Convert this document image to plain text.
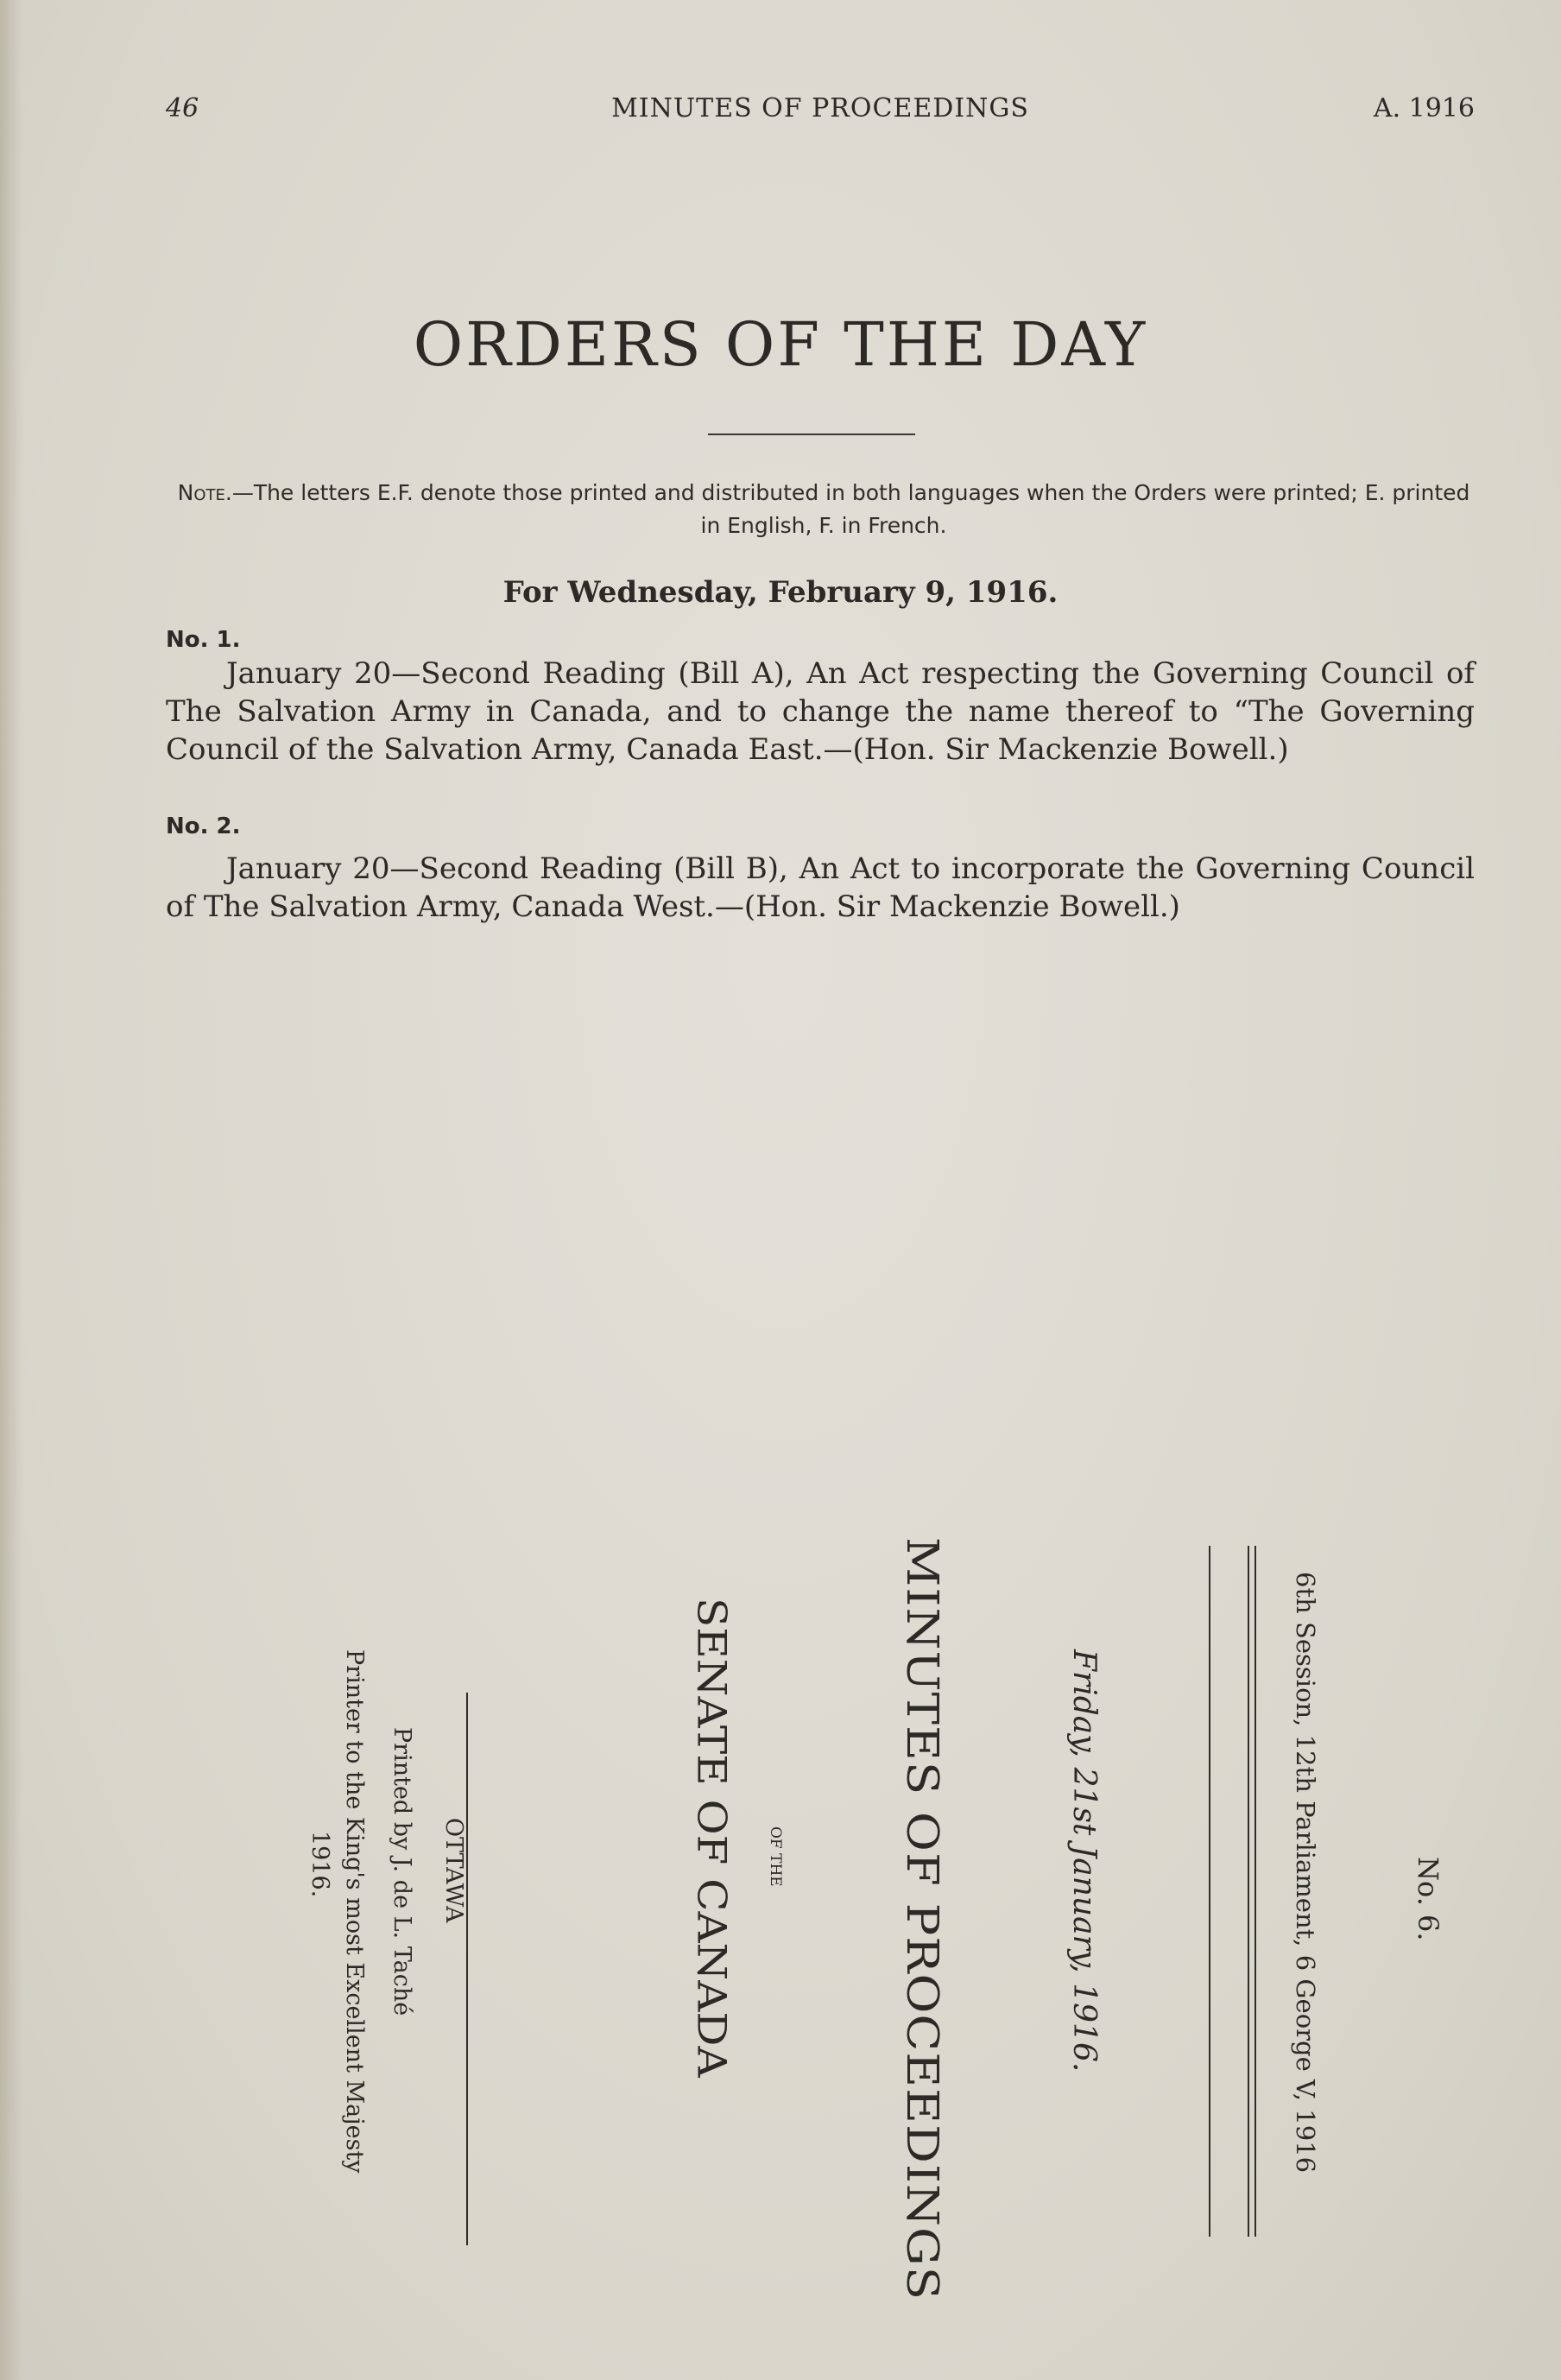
46	MINUTES OF PROCEEDINGS	A. 1916
ORDERS OF THE DAY
Note.—The letters E.F. denote those printed and distributed in both languages when the Orders were printed; E. printed in English, F. in French.
For Wednesday, February 9, 1916.
No. 1.
January 20—Second Reading (Bill A), An Act respecting the Governing Council of The Salvation Army in Canada, and to change the name thereof to “The Governing Council of the Salvation Army, Canada East.—(Hon. Sir Mackenzie Bowell.)
No. 2.
January 20—Second Reading (Bill B), An Act to incorporate the Governing Council of The Salvation Army, Canada West.—(Hon. Sir Mackenzie Bowell.)
No. 6.
6th Session, 12th Parliament, 6 George V, 1916
Friday, 21st January, 1916.
MINUTES OF PROCEEDINGS
OF THE
SENATE OF CANADA
OTTAWA
Printed by J. de L. Taché
Printer to the King's most Excellent Majesty
1916.
